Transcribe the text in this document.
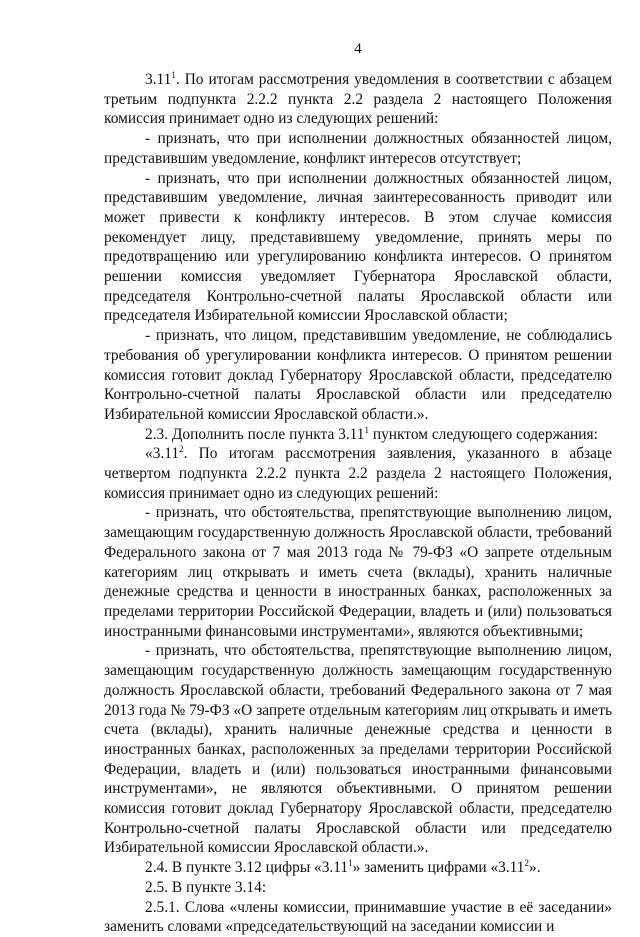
4

3.11$^1$. По итогам рассмотрения уведомления в соответствии с абзацем третьим подпункта 2.2.2 пункта 2.2 раздела 2 настоящего Положения комиссия принимает одно из следующих решений:

- признать, что при исполнении должностных обязанностей лицом, представившим уведомление, конфликт интересов отсутствует;

- признать, что при исполнении должностных обязанностей лицом, представившим уведомление, личная заинтересованность приводит или может привести к конфликту интересов. В этом случае комиссия рекомендует лицу, представившему уведомление, принять меры по предотвращению или урегулированию конфликта интересов. О принятом решении комиссия уведомляет Губернатора Ярославской области, председателя Контрольно-счетной палаты Ярославской области или председателя Избирательной комиссии Ярославской области;

- признать, что лицом, представившим уведомление, не соблюдались требования об урегулировании конфликта интересов. О принятом решении комиссия готовит доклад Губернатору Ярославской области, председателю Контрольно-счетной палаты Ярославской области или председателю Избирательной комиссии Ярославской области.».

2.3. Дополнить после пункта 3.11$^1$ пунктом следующего содержания:

«3.11$^2$. По итогам рассмотрения заявления, указанного в абзаце четвертом подпункта 2.2.2 пункта 2.2 раздела 2 настоящего Положения, комиссия принимает одно из следующих решений:

- признать, что обстоятельства, препятствующие выполнению лицом, замещающим государственную должность Ярославской области, требований Федерального закона от 7 мая 2013 года № 79-ФЗ «О запрете отдельным категориям лиц открывать и иметь счета (вклады), хранить наличные денежные средства и ценности в иностранных банках, расположенных за пределами территории Российской Федерации, владеть и (или) пользоваться иностранными финансовыми инструментами», являются объективными;

- признать, что обстоятельства, препятствующие выполнению лицом, замещающим государственную должность замещающим государственную должность Ярославской области, требований Федерального закона от 7 мая 2013 года № 79-ФЗ «О запрете отдельным категориям лиц открывать и иметь счета (вклады), хранить наличные денежные средства и ценности в иностранных банках, расположенных за пределами территории Российской Федерации, владеть и (или) пользоваться иностранными финансовыми инструментами», не являются объективными. О принятом решении комиссия готовит доклад Губернатору Ярославской области, председателю Контрольно-счетной палаты Ярославской области или председателю Избирательной комиссии Ярославской области.».

2.4. В пункте 3.12 цифры «3.11$^1$» заменить цифрами «3.11$^2$».

2.5. В пункте 3.14:

2.5.1. Слова «члены комиссии, принимавшие участие в её заседании» заменить словами «председательствующий на заседании комиссии и
